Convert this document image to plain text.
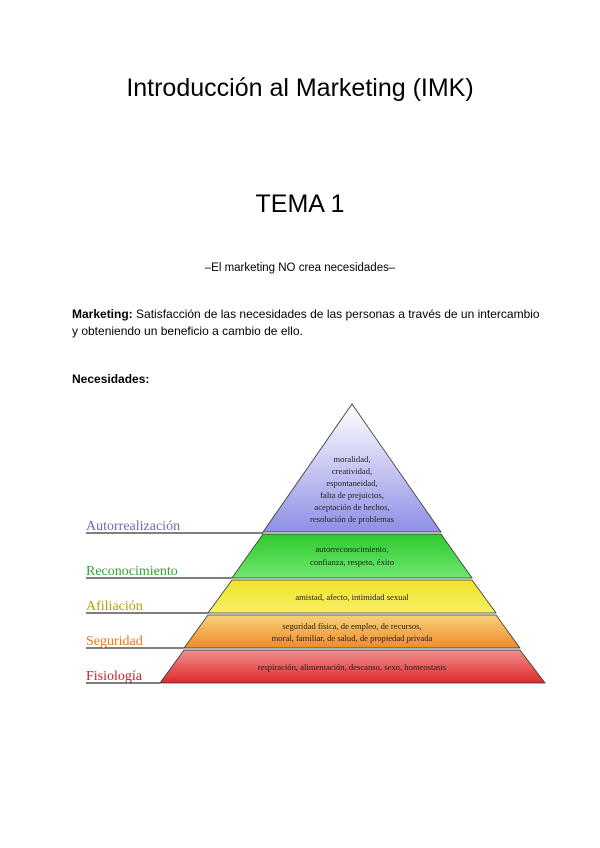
Introducción al Marketing (IMK)
TEMA 1
–El marketing NO crea necesidades–
Marketing: Satisfacción de las necesidades de las personas a través de un intercambio y obteniendo un beneficio a cambio de ello.
Necesidades:
Autorrealización
moralidad,
creatividad,
espontaneidad,
falta de prejuicios,
aceptación de hechos,
resolución de problemas
Reconocimiento
autorreconocimiento,
confianza, respeto, éxito
Afiliación
amistad, afecto, intimidad sexual
Seguridad
seguridad física, de empleo, de recursos,
moral, familiar, de salud, de propiedad privada
Fisiología
respiración, alimentación, descanso, sexo, homeostasis
